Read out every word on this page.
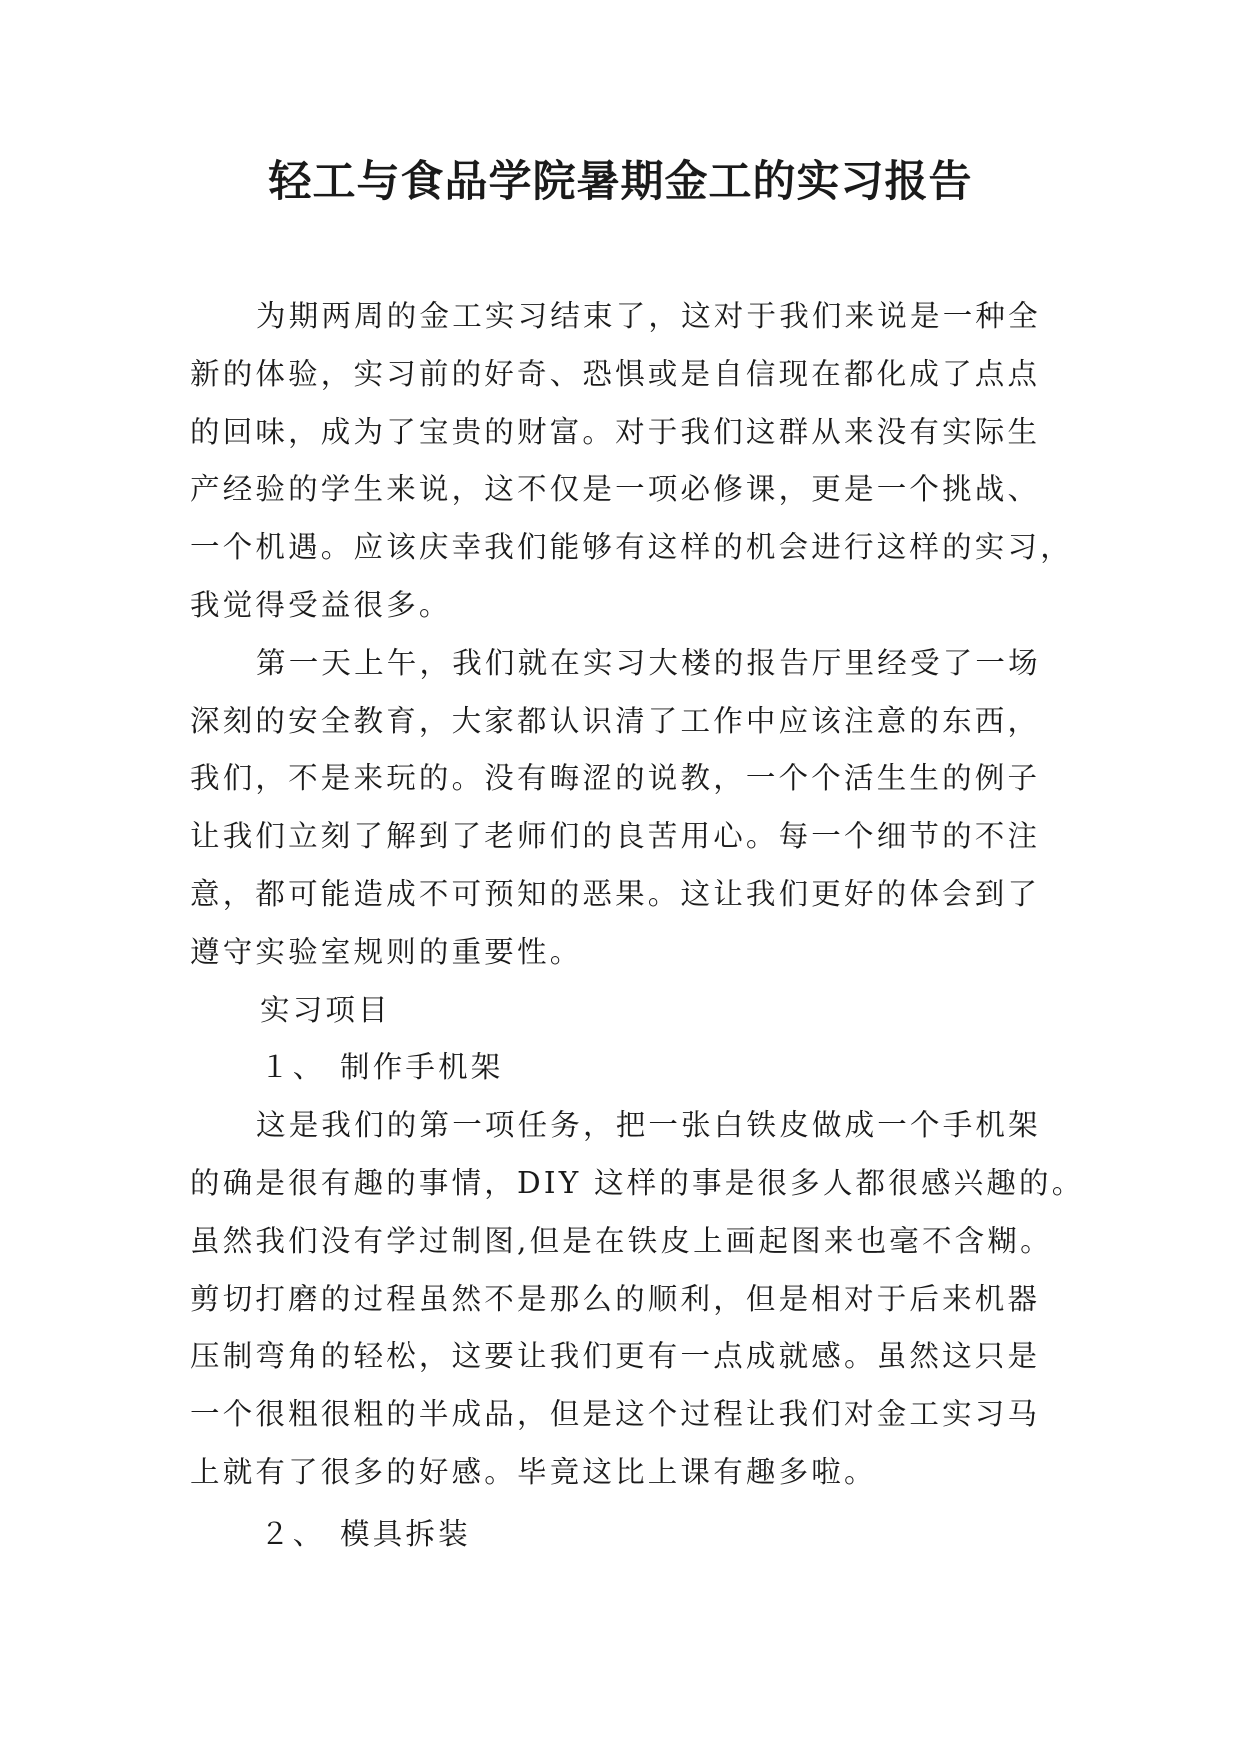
轻工与食品学院暑期金工的实习报告

为期两周的金工实习结束了，这对于我们来说是一种全
新的体验，实习前的好奇、恐惧或是自信现在都化成了点点
的回味，成为了宝贵的财富。对于我们这群从来没有实际生
产经验的学生来说，这不仅是一项必修课，更是一个挑战、
一个机遇。应该庆幸我们能够有这样的机会进行这样的实习，
我觉得受益很多。

第一天上午，我们就在实习大楼的报告厅里经受了一场
深刻的安全教育，大家都认识清了工作中应该注意的东西，
我们，不是来玩的。没有晦涩的说教，一个个活生生的例子
让我们立刻了解到了老师们的良苦用心。每一个细节的不注
意，都可能造成不可预知的恶果。这让我们更好的体会到了
遵守实验室规则的重要性。

实习项目

１、 制作手机架

这是我们的第一项任务，把一张白铁皮做成一个手机架
的确是很有趣的事情，DIY 这样的事是很多人都很感兴趣的。
虽然我们没有学过制图,但是在铁皮上画起图来也毫不含糊。
剪切打磨的过程虽然不是那么的顺利，但是相对于后来机器
压制弯角的轻松，这要让我们更有一点成就感。虽然这只是
一个很粗很粗的半成品，但是这个过程让我们对金工实习马
上就有了很多的好感。毕竟这比上课有趣多啦。

２、 模具拆装
